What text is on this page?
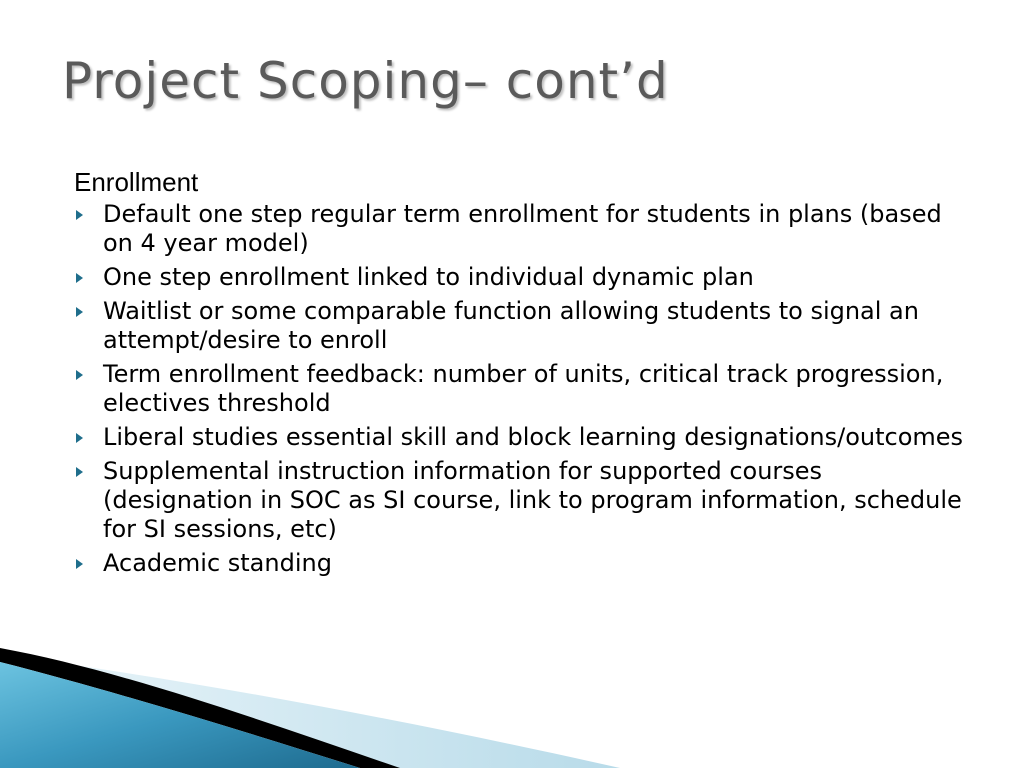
Project Scoping– cont’d
Enrollment
Default one step regular term enrollment for students in plans (based on 4 year model)
One step enrollment linked to individual dynamic plan
Waitlist or some comparable function allowing students to signal an attempt/desire to enroll
Term enrollment feedback: number of units, critical track progression, electives threshold
Liberal studies essential skill and block learning designations/outcomes
Supplemental instruction information for supported courses (designation in SOC as SI course, link to program information, schedule for SI sessions, etc)
Academic standing
